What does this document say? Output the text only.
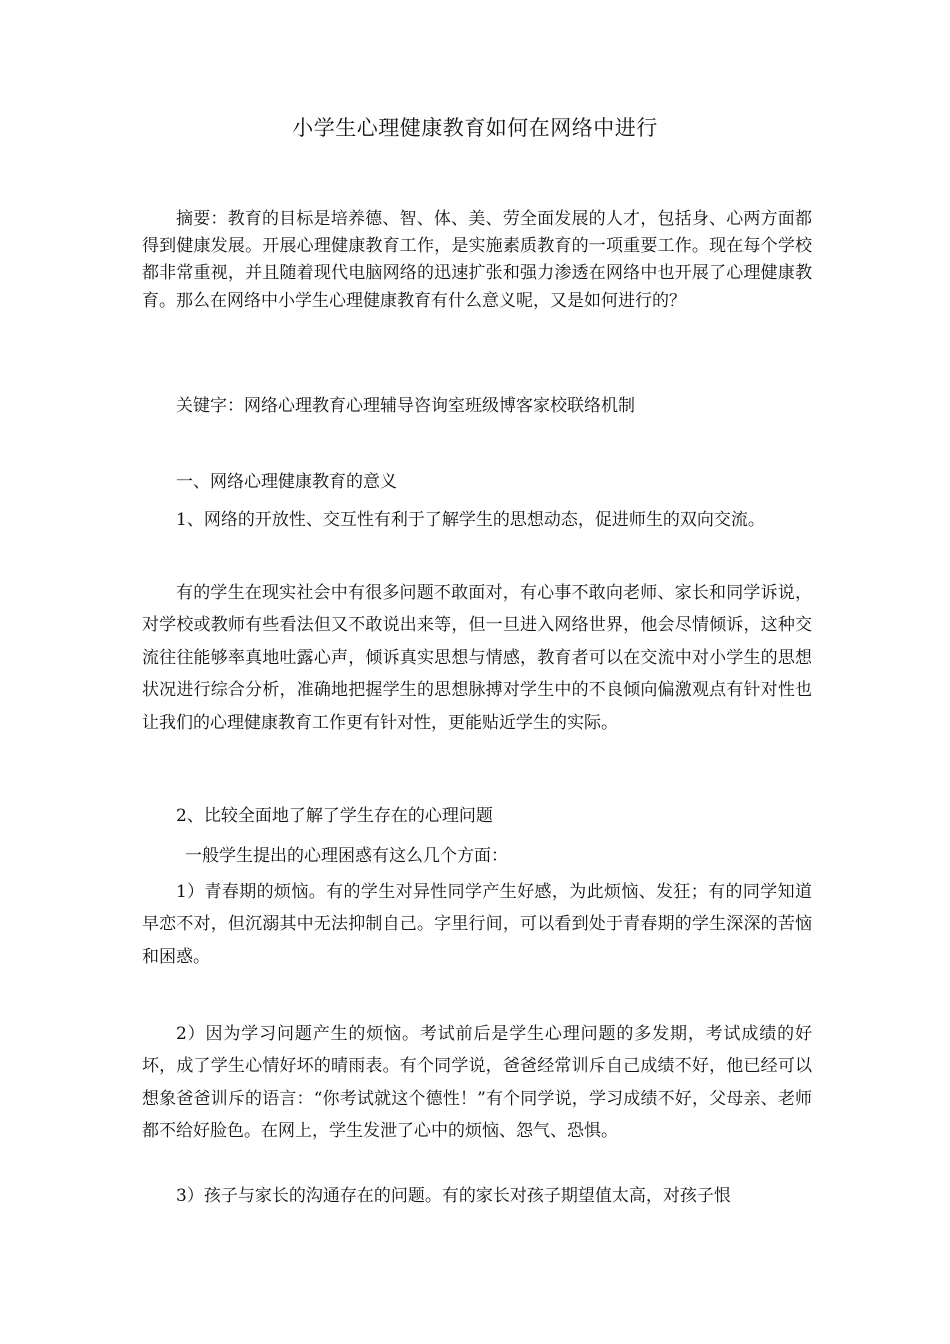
小学生心理健康教育如何在网络中进行

摘要：教育的目标是培养德、智、体、美、劳全面发展的人才，包括身、心两方面都得到健康发展。开展心理健康教育工作，是实施素质教育的一项重要工作。现在每个学校都非常重视，并且随着现代电脑网络的迅速扩张和强力渗透在网络中也开展了心理健康教育。那么在网络中小学生心理健康教育有什么意义呢，又是如何进行的？

关键字：网络心理教育心理辅导咨询室班级博客家校联络机制

一、网络心理健康教育的意义

1、网络的开放性、交互性有利于了解学生的思想动态，促进师生的双向交流。

有的学生在现实社会中有很多问题不敢面对，有心事不敢向老师、家长和同学诉说，对学校或教师有些看法但又不敢说出来等，但一旦进入网络世界，他会尽情倾诉，这种交流往往能够率真地吐露心声，倾诉真实思想与情感，教育者可以在交流中对小学生的思想状况进行综合分析，准确地把握学生的思想脉搏对学生中的不良倾向偏激观点有针对性也让我们的心理健康教育工作更有针对性，更能贴近学生的实际。

2、比较全面地了解了学生存在的心理问题

一般学生提出的心理困惑有这么几个方面：

1）青春期的烦恼。有的学生对异性同学产生好感，为此烦恼、发狂；有的同学知道早恋不对，但沉溺其中无法抑制自己。字里行间，可以看到处于青春期的学生深深的苦恼和困惑。

2）因为学习问题产生的烦恼。考试前后是学生心理问题的多发期，考试成绩的好坏，成了学生心情好坏的晴雨表。有个同学说，爸爸经常训斥自己成绩不好，他已经可以想象爸爸训斥的语言：“你考试就这个德性！”有个同学说，学习成绩不好，父母亲、老师都不给好脸色。在网上，学生发泄了心中的烦恼、怨气、恐惧。

3）孩子与家长的沟通存在的问题。有的家长对孩子期望值太高，对孩子恨
